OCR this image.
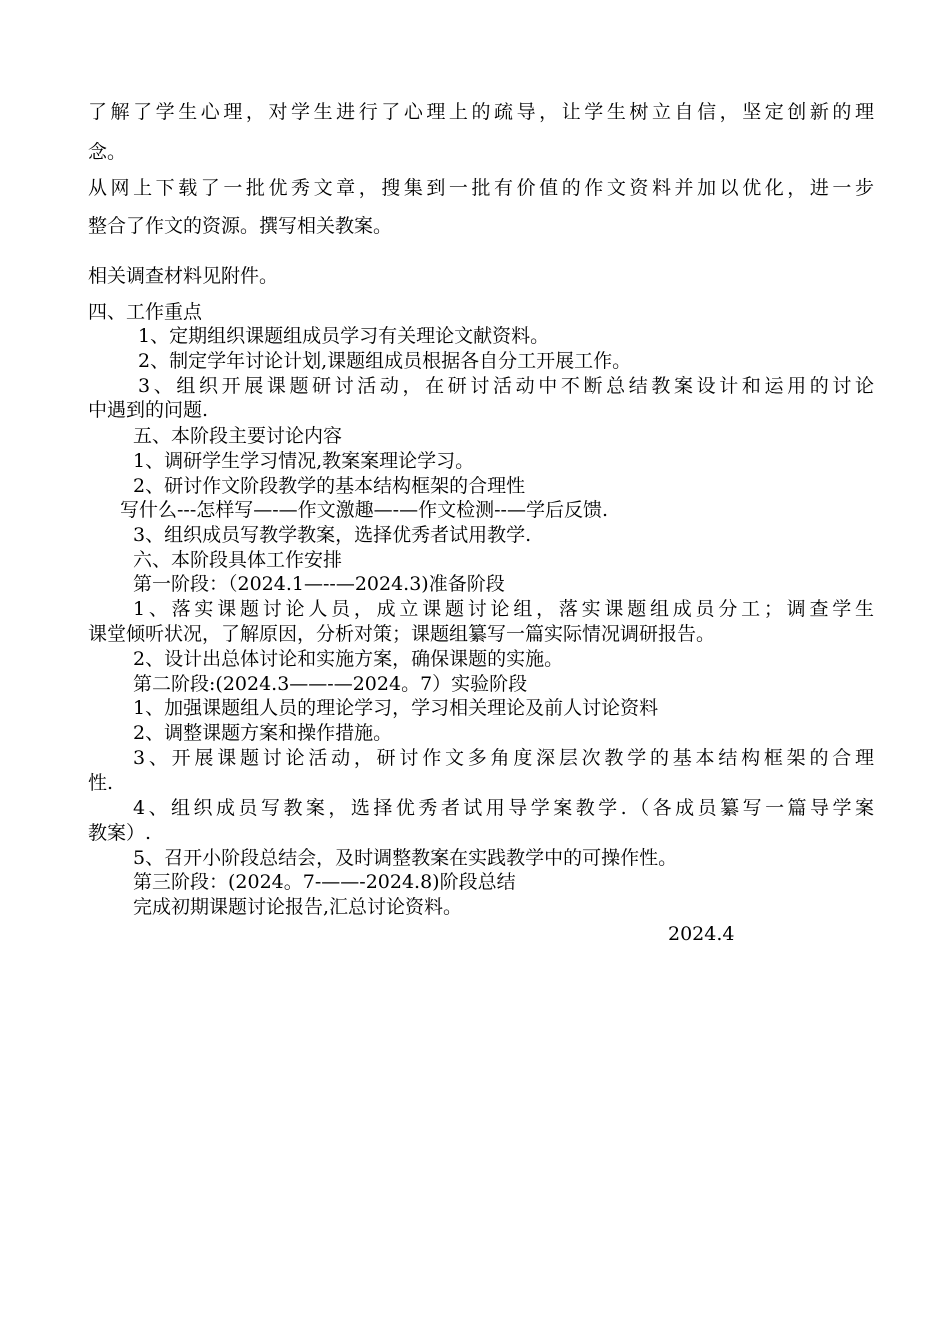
了解了学生心理，对学生进行了心理上的疏导，让学生树立自信，坚定创新的理
念。
从网上下载了一批优秀文章，搜集到一批有价值的作文资料并加以优化，进一步
整合了作文的资源。撰写相关教案。
相关调查材料见附件。
四、工作重点
1、定期组织课题组成员学习有关理论文献资料。
2、制定学年讨论计划,课题组成员根据各自分工开展工作。
3、组织开展课题研讨活动，在研讨活动中不断总结教案设计和运用的讨论
中遇到的问题.
五、本阶段主要讨论内容
1、调研学生学习情况,教案案理论学习。
2、研讨作文阶段教学的基本结构框架的合理性
写什么---怎样写—-—作文激趣—-—作文检测--—学后反馈.
3、组织成员写教学教案，选择优秀者试用教学.
六、本阶段具体工作安排
第一阶段：（2024.1—--—2024.3)准备阶段
1、落实课题讨论人员，成立课题讨论组，落实课题组成员分工；调查学生
课堂倾听状况，了解原因，分析对策；课题组纂写一篇实际情况调研报告。
2、设计出总体讨论和实施方案，确保课题的实施。
第二阶段:(2024.3——-—2024。7）实验阶段
1、加强课题组人员的理论学习，学习相关理论及前人讨论资料
2、调整课题方案和操作措施。
3、开展课题讨论活动，研讨作文多角度深层次教学的基本结构框架的合理
性.
4、组织成员写教案，选择优秀者试用导学案教学.（各成员纂写一篇导学案
教案）.
5、召开小阶段总结会，及时调整教案在实践教学中的可操作性。
第三阶段：(2024。7-——-2024.8)阶段总结
完成初期课题讨论报告,汇总讨论资料。
2024.4
